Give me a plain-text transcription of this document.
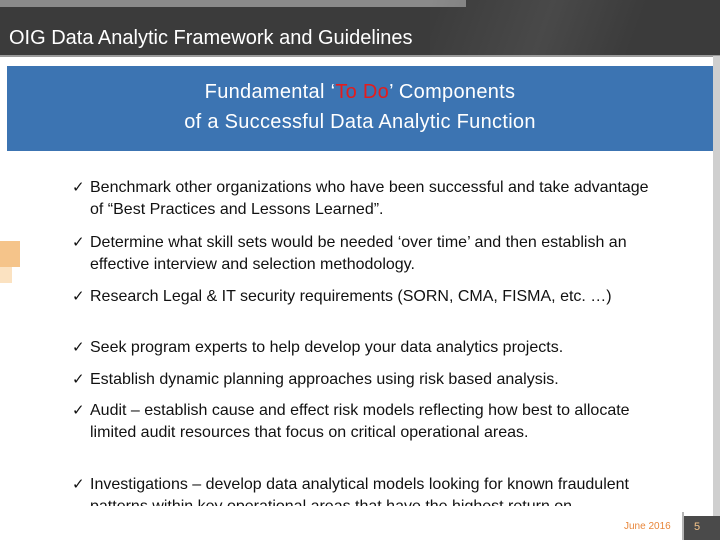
OIG Data Analytic Framework and Guidelines
Fundamental ‘To Do’ Components
of a Successful Data Analytic Function
✓ Benchmark other organizations who have been successful and take advantage of “Best Practices and Lessons Learned”.
✓ Determine what skill sets would be needed ‘over time’ and then establish an effective interview and selection methodology.
✓ Research Legal & IT security requirements (SORN, CMA, FISMA, etc. …)
✓ Seek program experts to help develop your data analytics projects.
✓ Establish dynamic planning approaches using risk based analysis.
✓ Audit – establish cause and effect risk models reflecting how best to allocate limited audit resources that focus on critical operational areas.
✓ Investigations – develop data analytical models looking for known fraudulent
June 2016	5
